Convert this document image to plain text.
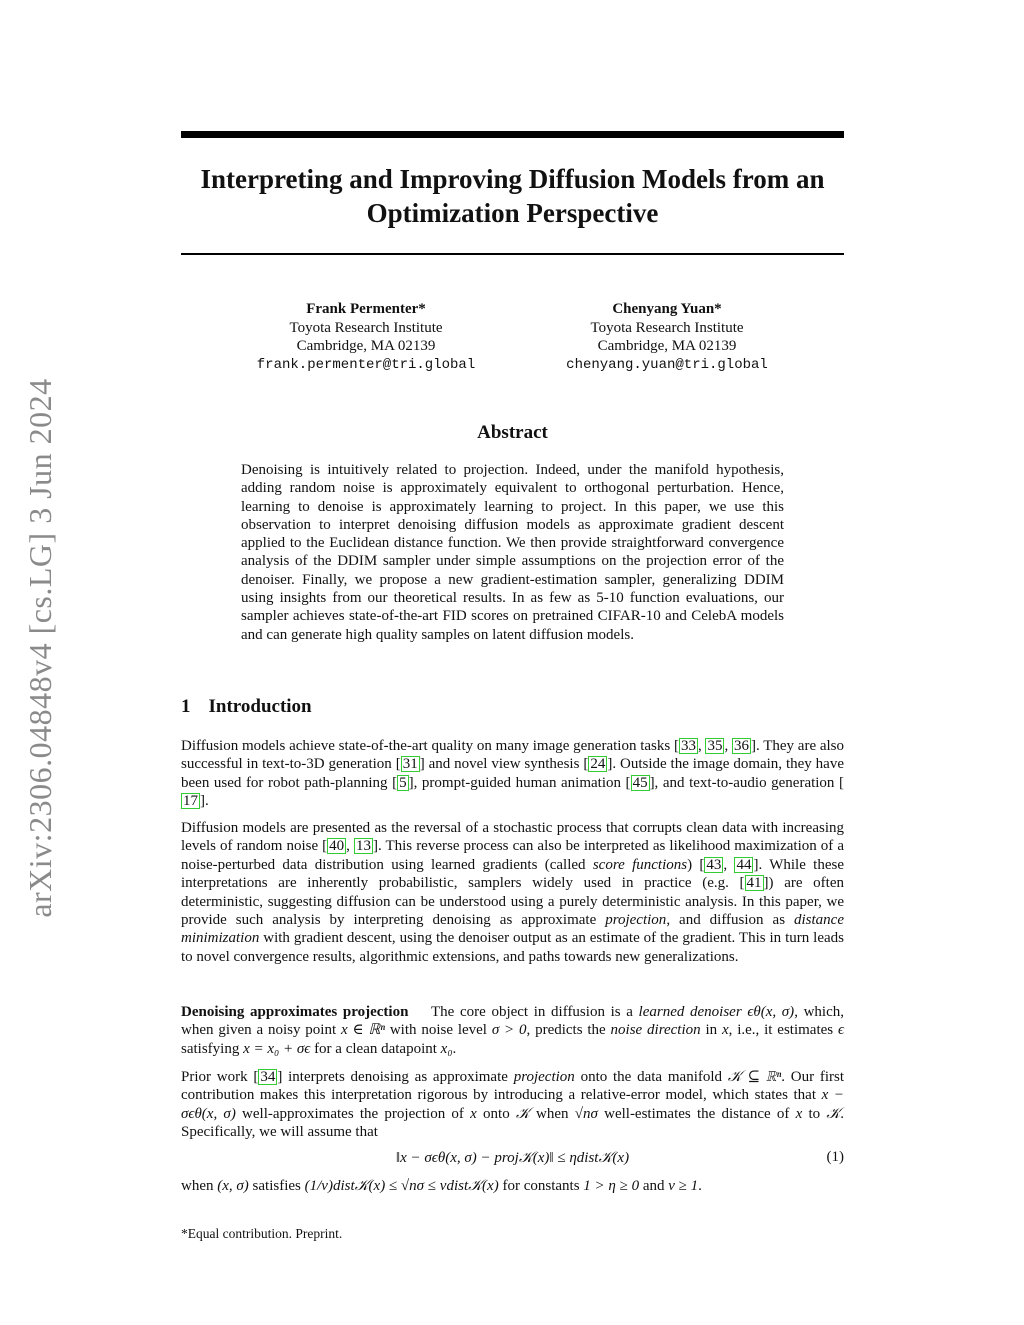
arXiv:2306.04848v4 [cs.LG] 3 Jun 2024
Interpreting and Improving Diffusion Models from an Optimization Perspective
Frank Permenter*
Toyota Research Institute
Cambridge, MA 02139
frank.permenter@tri.global
Chenyang Yuan*
Toyota Research Institute
Cambridge, MA 02139
chenyang.yuan@tri.global
Abstract
Denoising is intuitively related to projection. Indeed, under the manifold hypothesis, adding random noise is approximately equivalent to orthogonal perturbation. Hence, learning to denoise is approximately learning to project. In this paper, we use this observation to interpret denoising diffusion models as approximate gradient descent applied to the Euclidean distance function. We then provide straightforward convergence analysis of the DDIM sampler under simple assumptions on the projection error of the denoiser. Finally, we propose a new gradient-estimation sampler, generalizing DDIM using insights from our theoretical results. In as few as 5-10 function evaluations, our sampler achieves state-of-the-art FID scores on pretrained CIFAR-10 and CelebA models and can generate high quality samples on latent diffusion models.
1 Introduction
Diffusion models achieve state-of-the-art quality on many image generation tasks [ 33 , 35 , 36 ]. They are also successful in text-to-3D generation [ 31 ] and novel view synthesis [ 24 ]. Outside the image domain, they have been used for robot path-planning [ 5 ], prompt-guided human animation [ 45 ], and text-to-audio generation [17 ].
Diffusion models are presented as the reversal of a stochastic process that corrupts clean data with increasing levels of random noise [ 40 , 13 ]. This reverse process can also be interpreted as likelihood maximization of a noise-perturbed data distribution using learned gradients (called score functions) [ 43 , 44 ]. While these interpretations are inherently probabilistic, samplers widely used in practice (e.g. [ 41 ]) are often deterministic, suggesting diffusion can be understood using a purely deterministic analysis. In this paper, we provide such analysis by interpreting denoising as approximate projection, and diffusion as distance minimization with gradient descent, using the denoiser output as an estimate of the gradient. This in turn leads to novel convergence results, algorithmic extensions, and paths towards new generalizations.
Denoising approximates projection The core object in diffusion is a learned denoiser ϵθ(x, σ), which, when given a noisy point x ∈ ℝⁿ with noise level σ > 0, predicts the noise direction in x, i.e., it estimates ϵ satisfying x = x₀ + σϵ for a clean datapoint x₀.
Prior work [ 34 ] interprets denoising as approximate projection onto the data manifold 𝒦 ⊆ ℝⁿ. Our first contribution makes this interpretation rigorous by introducing a relative-error model, which states that x − σϵθ(x, σ) well-approximates the projection of x onto 𝒦 when √nσ well-estimates the distance of x to 𝒦. Specifically, we will assume that
‖x − σϵθ(x, σ) − proj𝒦(x)‖ ≤ ηdist𝒦(x)	(1)
when (x, σ) satisfies (1/ν)dist𝒦(x) ≤ √nσ ≤ νdist𝒦(x) for constants 1 > η ≥ 0 and ν ≥ 1.
*Equal contribution. Preprint.
